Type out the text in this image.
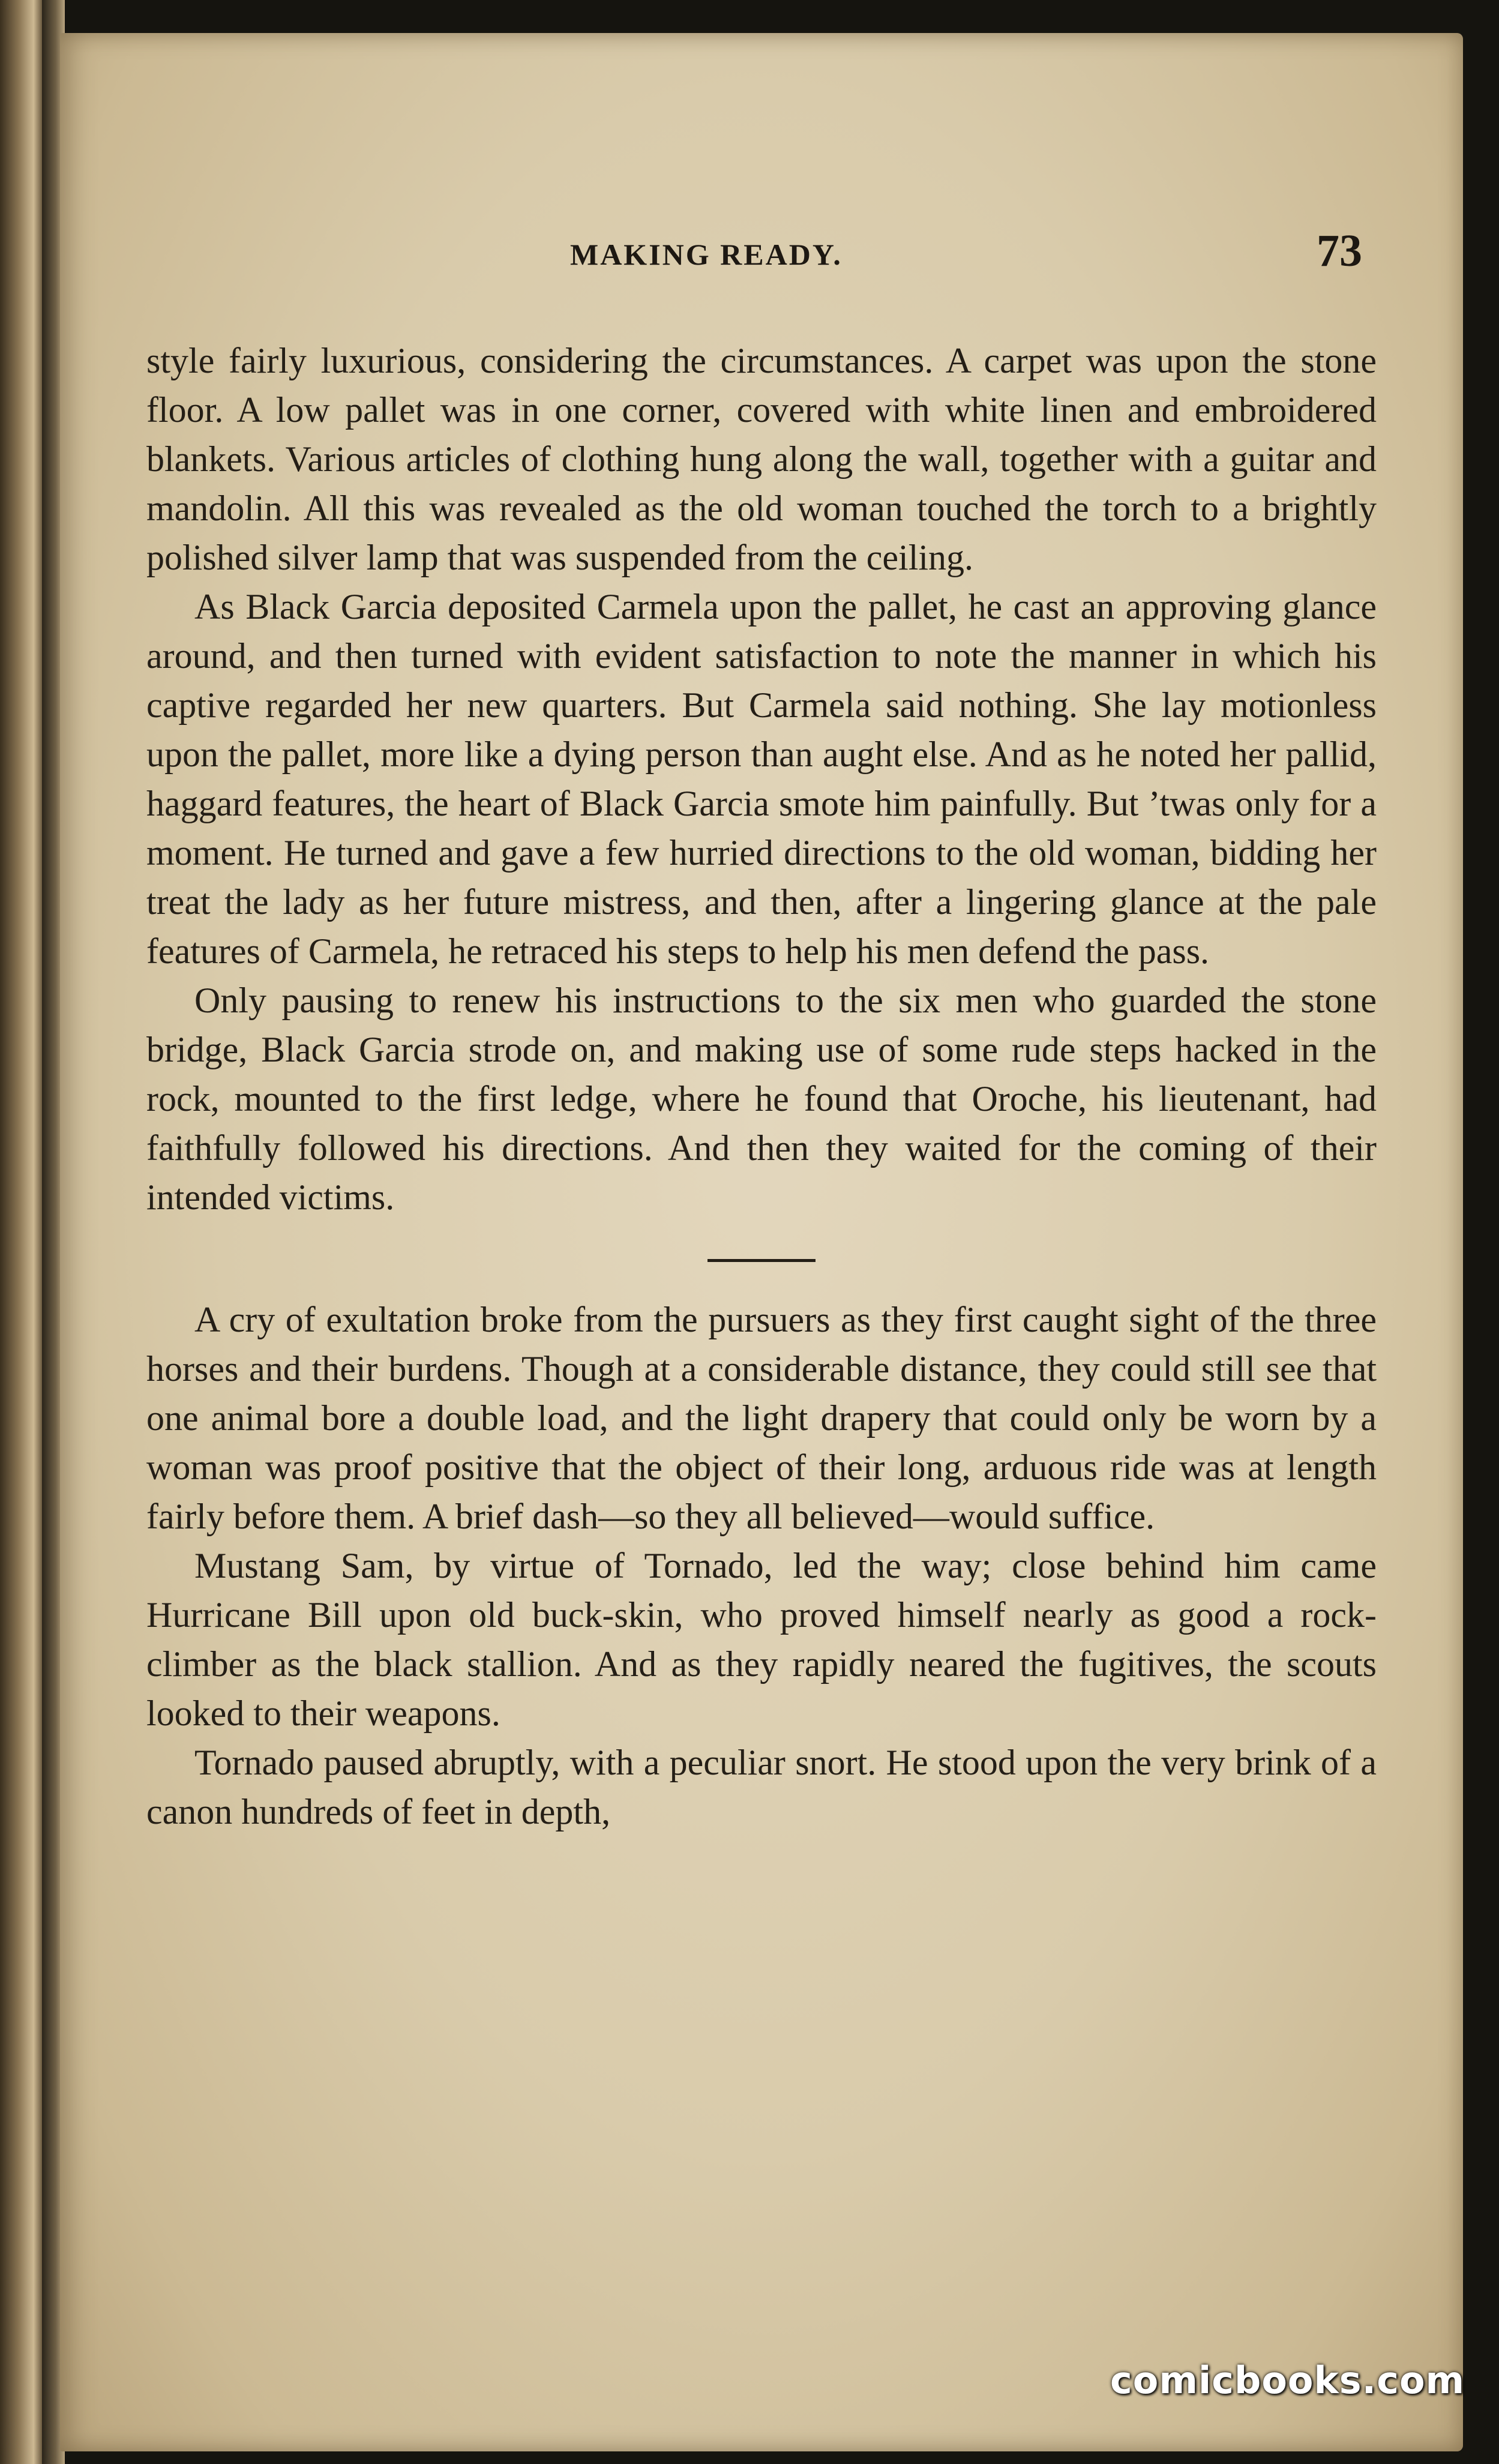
MAKING READY.	73

style fairly luxurious, considering the circumstances. A carpet was upon the stone floor. A low pallet was in one corner, covered with white linen and embroidered blankets. Various articles of clothing hung along the wall, together with a guitar and mandolin. All this was revealed as the old woman touched the torch to a brightly polished silver lamp that was suspended from the ceiling.

As Black Garcia deposited Carmela upon the pallet, he cast an approving glance around, and then turned with evident satisfaction to note the manner in which his captive regarded her new quarters. But Carmela said nothing. She lay motionless upon the pallet, more like a dying person than aught else. And as he noted her pallid, haggard features, the heart of Black Garcia smote him painfully. But ’twas only for a moment. He turned and gave a few hurried directions to the old woman, bidding her treat the lady as her future mistress, and then, after a lingering glance at the pale features of Carmela, he retraced his steps to help his men defend the pass.

Only pausing to renew his instructions to the six men who guarded the stone bridge, Black Garcia strode on, and making use of some rude steps hacked in the rock, mounted to the first ledge, where he found that Oroche, his lieutenant, had faithfully followed his directions. And then they waited for the coming of their intended victims.

A cry of exultation broke from the pursuers as they first caught sight of the three horses and their burdens. Though at a considerable distance, they could still see that one animal bore a double load, and the light drapery that could only be worn by a woman was proof positive that the object of their long, arduous ride was at length fairly before them. A brief dash—so they all believed—would suffice.

Mustang Sam, by virtue of Tornado, led the way; close behind him came Hurricane Bill upon old buck-skin, who proved himself nearly as good a rock-climber as the black stallion. And as they rapidly neared the fugitives, the scouts looked to their weapons.

Tornado paused abruptly, with a peculiar snort. He stood upon the very brink of a canon hundreds of feet in depth,

comicbooks.com
